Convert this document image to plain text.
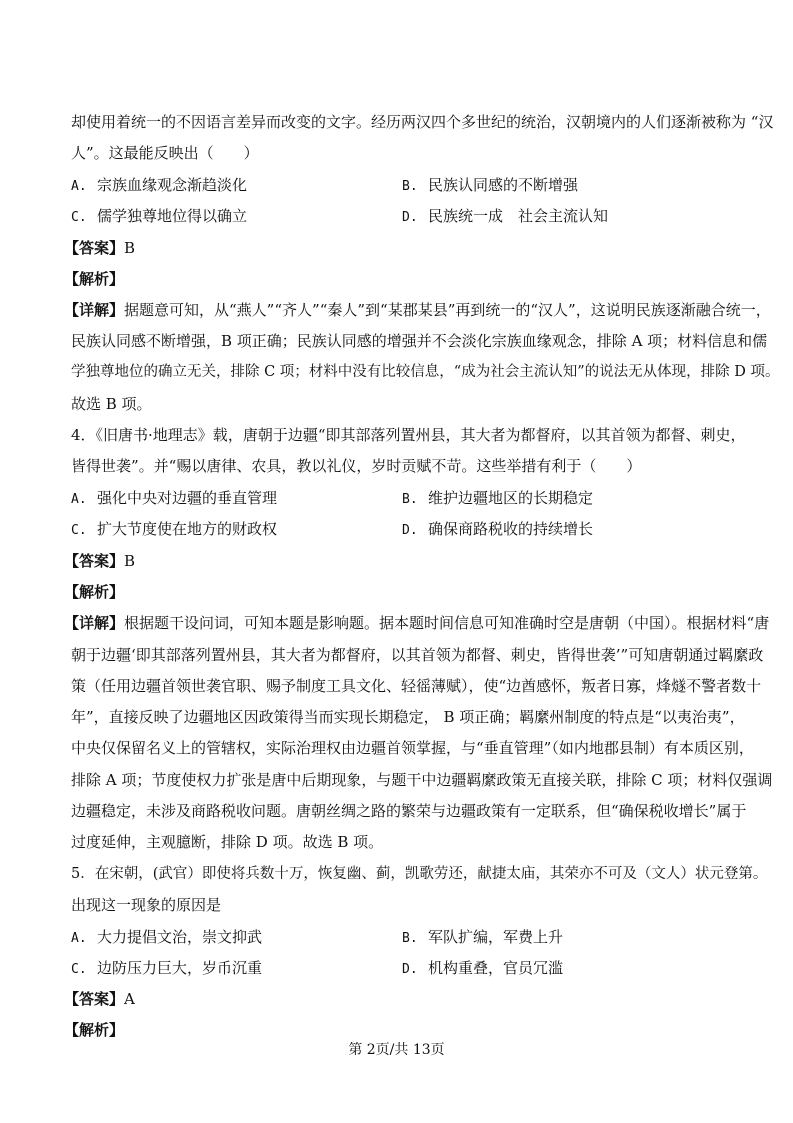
却使用着统一的不因语言差异而改变的文字。经历两汉四个多世纪的统治，汉朝境内的人们逐渐被称为 “汉
人”。这最能反映出（　　）
A. 宗族血缘观念渐趋淡化	B. 民族认同感的不断增强
C. 儒学独尊地位得以确立	D. 民族统一成　社会主流认知
【答案】B
【解析】
【详解】据题意可知，从“燕人”“齐人”“秦人”到“某郡某县”再到统一的“汉人”，这说明民族逐渐融合统一，
民族认同感不断增强，B 项正确；民族认同感的增强并不会淡化宗族血缘观念，排除 A 项；材料信息和儒
学独尊地位的确立无关，排除 C 项；材料中没有比较信息，“成为社会主流认知”的说法无从体现，排除 D 项。
故选 B 项。
4．《旧唐书·地理志》载，唐朝于边疆“即其部落列置州县，其大者为都督府，以其首领为都督、刺史，
皆得世袭”。并“赐以唐律、农具，教以礼仪，岁时贡赋不苛。这些举措有利于（　　）
A. 强化中央对边疆的垂直管理	B. 维护边疆地区的长期稳定
C. 扩大节度使在地方的财政权	D. 确保商路税收的持续增长
【答案】B
【解析】
【详解】根据题干设问词，可知本题是影响题。据本题时间信息可知准确时空是唐朝（中国）。根据材料“唐
朝于边疆‘即其部落列置州县，其大者为都督府，以其首领为都督、刺史，皆得世袭’”可知唐朝通过羁縻政
策（任用边疆首领世袭官职、赐予制度工具文化、轻徭薄赋），使“边酋感怀，叛者日寡，烽燧不警者数十
年”，直接反映了边疆地区因政策得当而实现长期稳定， B 项正确；羁縻州制度的特点是“以夷治夷”，
中央仅保留名义上的管辖权，实际治理权由边疆首领掌握，与“垂直管理”（如内地郡县制）有本质区别，
排除 A 项；节度使权力扩张是唐中后期现象，与题干中边疆羁縻政策无直接关联，排除 C 项；材料仅强调
边疆稳定，未涉及商路税收问题。唐朝丝绸之路的繁荣与边疆政策有一定联系，但“确保税收增长”属于
过度延伸，主观臆断，排除 D 项。故选 B 项。
5．在宋朝，(武官）即使将兵数十万，恢复幽、蓟，凯歌劳还，献捷太庙，其荣亦不可及（文人）状元登第。
出现这一现象的原因是
A. 大力提倡文治，崇文抑武	B. 军队扩编，军费上升
C. 边防压力巨大，岁币沉重	D. 机构重叠，官员冗滥
【答案】A
【解析】
第 2页/共 13页
